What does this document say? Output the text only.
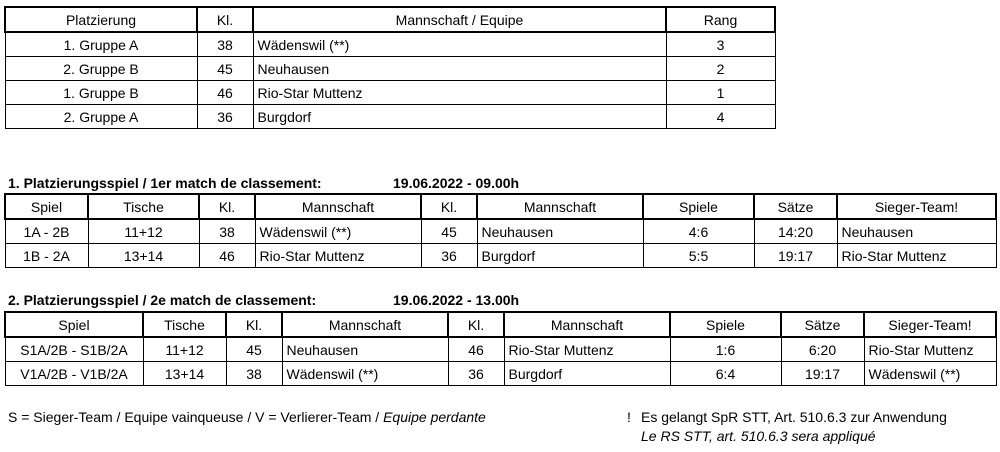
Platzierung	Kl.	Mannschaft / Equipe	Rang
1. Gruppe A	38	Wädenswil (**)	3
2. Gruppe B	45	Neuhausen	2
1. Gruppe B	46	Rio-Star Muttenz	1
2. Gruppe A	36	Burgdorf	4
1. Platzierungsspiel / 1er match de classement:	19.06.2022 - 09.00h
Spiel	Tische	Kl.	Mannschaft	Kl.	Mannschaft	Spiele	Sätze	Sieger-Team!
1A - 2B	11+12	38	Wädenswil (**)	45	Neuhausen	4:6	14:20	Neuhausen
1B - 2A	13+14	46	Rio-Star Muttenz	36	Burgdorf	5:5	19:17	Rio-Star Muttenz
2. Platzierungsspiel / 2e match de classement:	19.06.2022 - 13.00h
Spiel	Tische	Kl.	Mannschaft	Kl.	Mannschaft	Spiele	Sätze	Sieger-Team!
S1A/2B - S1B/2A	11+12	45	Neuhausen	46	Rio-Star Muttenz	1:6	6:20	Rio-Star Muttenz
V1A/2B - V1B/2A	13+14	38	Wädenswil (**)	36	Burgdorf	6:4	19:17	Wädenswil (**)
S = Sieger-Team / Equipe vainqueuse / V = Verlierer-Team / Equipe perdante	! Es gelangt SpR STT, Art. 510.6.3 zur Anwendung
Le RS STT, art. 510.6.3 sera appliqué
